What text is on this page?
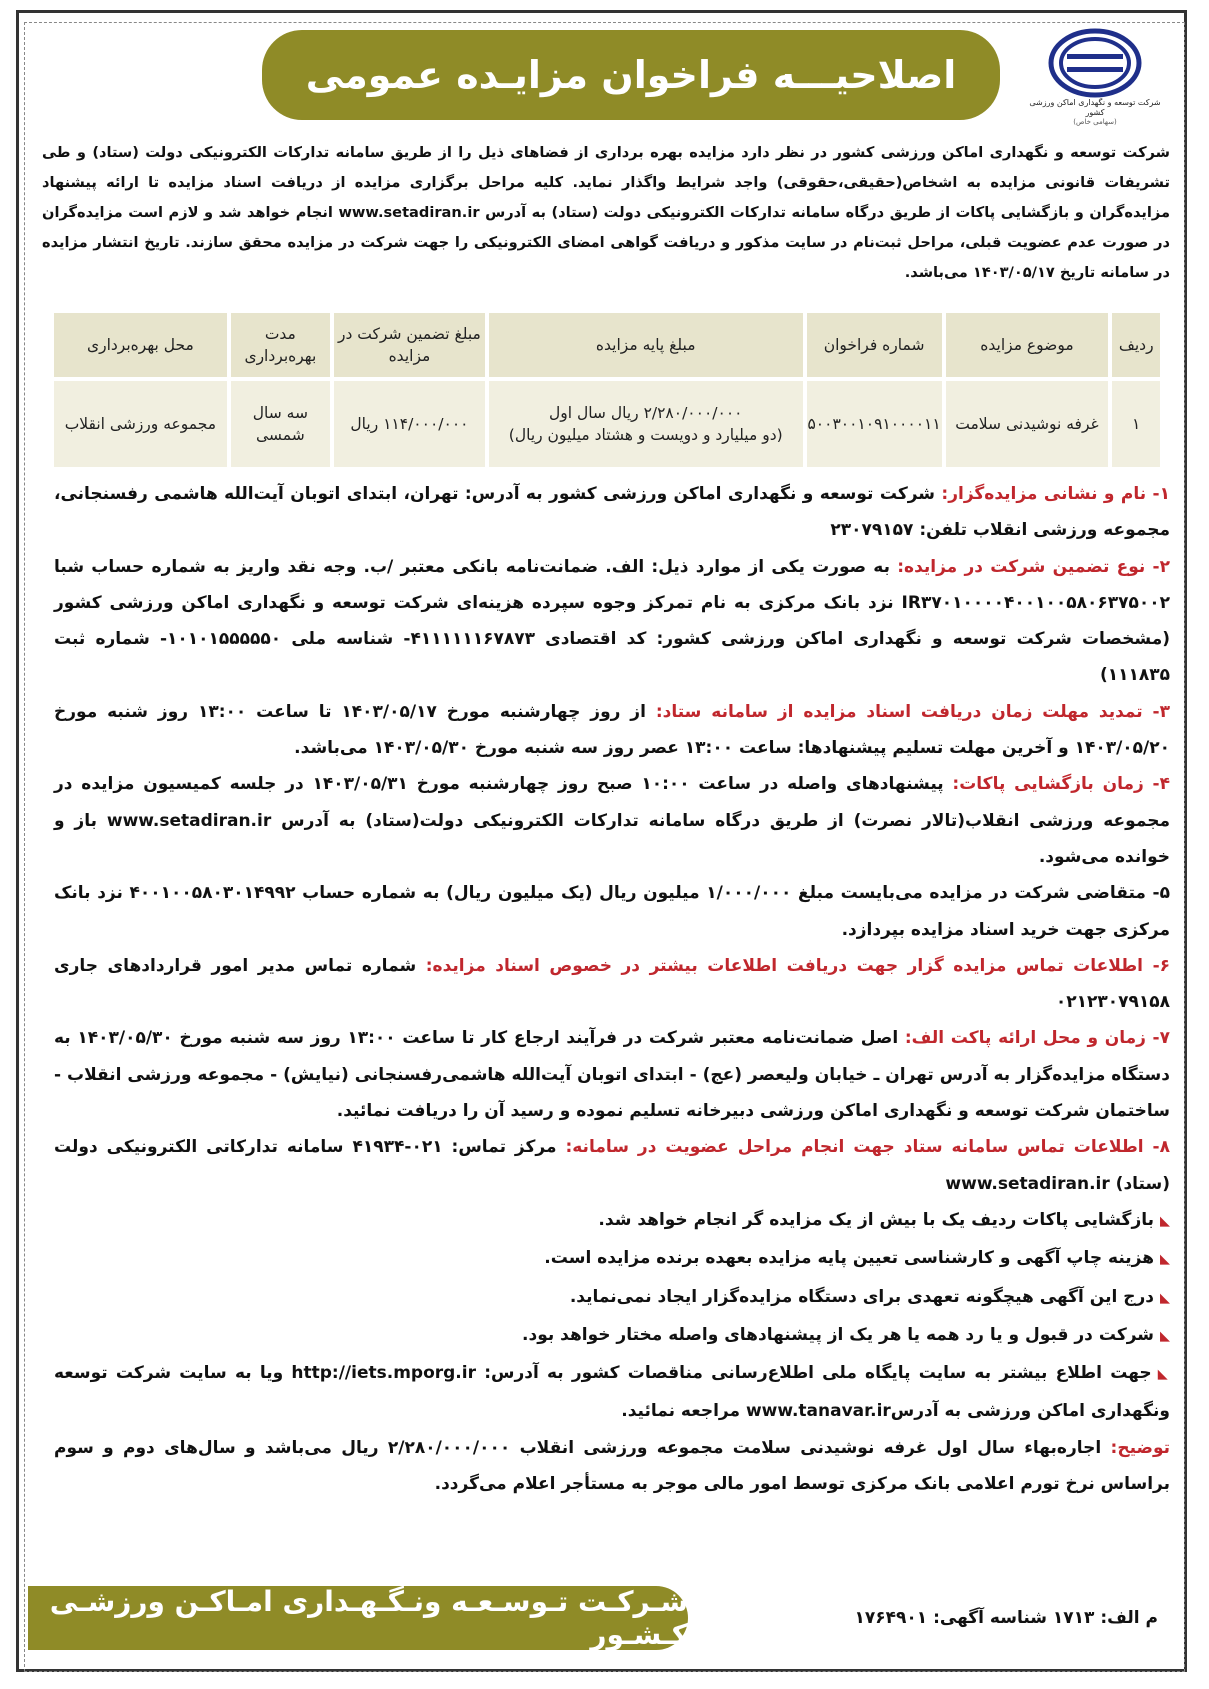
شرکت توسعه و نگهداری اماکن ورزشی کشور
(سهامی خاص)
اصلاحیـــه فراخوان مزایـده عمومی
شرکت توسعه و نگهداری اماکن ورزشی کشور در نظر دارد مزایده بهره برداری از فضاهای ذیل را از طریق سامانه تدارکات الکترونیکی دولت (ستاد) و طی تشریفات قانونی مزایده به اشخاص(حقیقی،حقوقی) واجد شرایط واگذار نماید. کلیه مراحل برگزاری مزایده از دریافت اسناد مزایده تا ارائه پیشنهاد مزایده‌گران و بازگشایی پاکات از طریق درگاه سامانه تدارکات الکترونیکی دولت (ستاد) به آدرس www.setadiran.ir انجام خواهد شد و لازم است مزایده‌گران در صورت عدم عضویت قبلی، مراحل ثبت‌نام در سایت مذکور و دریافت گواهی امضای الکترونیکی را جهت شرکت در مزایده محقق سازند. تاریخ انتشار مزایده در سامانه تاریخ ۱۴۰۳/۰۵/۱۷ می‌باشد.
ردیف
موضوع مزایده
شماره فراخوان
مبلغ پایه مزایده
مبلغ تضمین شرکت در مزایده
مدت بهره‌برداری
محل بهره‌برداری
۱
غرفه نوشیدنی سلامت
۵۰۰۳۰۰۱۰۹۱۰۰۰۰۱۱
۲/۲۸۰/۰۰۰/۰۰۰ ریال سال اول
(دو میلیارد و دویست و هشتاد میلیون ریال)
۱۱۴/۰۰۰/۰۰۰ ریال
سه سال شمسی
مجموعه ورزشی انقلاب

۱- نام و نشانی مزایده‌گزار: شرکت توسعه و نگهداری اماکن ورزشی کشور به آدرس: تهران، ابتدای اتوبان آیت‌الله هاشمی رفسنجانی، مجموعه ورزشی انقلاب تلفن: ۲۳۰۷۹۱۵۷

۲- نوع تضمین شرکت در مزایده: به صورت یکی از موارد ذیل: الف. ضمانت‌نامه بانکی معتبر /ب. وجه نقد واریز به شماره حساب شبا IR۳۷۰۱۰۰۰۰۴۰۰۱۰۰۵۸۰۶۳۷۵۰۰۲ نزد بانک مرکزی به نام تمرکز وجوه سپرده هزینه‌ای شرکت توسعه و نگهداری اماکن ورزشی کشور (مشخصات شرکت توسعه و نگهداری اماکن ورزشی کشور: کد اقتصادی ۴۱۱۱۱۱۱۶۷۸۷۳- شناسه ملی ۱۰۱۰۱۵۵۵۵۵۰- شماره ثبت ۱۱۱۸۳۵)

۳- تمدید مهلت زمان دریافت اسناد مزایده از سامانه ستاد: از روز چهارشنبه مورخ ۱۴۰۳/۰۵/۱۷ تا ساعت ۱۳:۰۰ روز شنبه مورخ ۱۴۰۳/۰۵/۲۰ و آخرین مهلت تسلیم پیشنهادها: ساعت ۱۳:۰۰ عصر روز سه شنبه مورخ ۱۴۰۳/۰۵/۳۰ می‌باشد.

۴- زمان بازگشایی پاکات: پیشنهادهای واصله در ساعت ۱۰:۰۰ صبح روز چهارشنبه مورخ ۱۴۰۳/۰۵/۳۱ در جلسه کمیسیون مزایده در مجموعه ورزشی انقلاب(تالار نصرت) از طریق درگاه سامانه تدارکات الکترونیکی دولت(ستاد) به آدرس www.setadiran.ir باز و خوانده می‌شود.

۵- متقاضی شرکت در مزایده می‌بایست مبلغ ۱/۰۰۰/۰۰۰ میلیون ریال (یک میلیون ریال) به شماره حساب ۴۰۰۱۰۰۵۸۰۳۰۱۴۹۹۲ نزد بانک مرکزی جهت خرید اسناد مزایده بپردازد.

۶- اطلاعات تماس مزایده گزار جهت دریافت اطلاعات بیشتر در خصوص اسناد مزایده: شماره تماس مدیر امور قراردادهای جاری ۰۲۱۲۳۰۷۹۱۵۸

۷- زمان و محل ارائه پاکت الف: اصل ضمانت‌نامه معتبر شرکت در فرآیند ارجاع کار تا ساعت ۱۳:۰۰ روز سه شنبه مورخ ۱۴۰۳/۰۵/۳۰ به دستگاه مزایده‌گزار به آدرس تهران ـ خیابان ولیعصر (عج) - ابتدای اتوبان آیت‌الله هاشمی‌رفسنجانی (نیایش) - مجموعه ورزشی انقلاب - ساختمان شرکت توسعه و نگهداری اماکن ورزشی دبیرخانه تسلیم نموده و رسید آن را دریافت نمائید.

۸- اطلاعات تماس سامانه ستاد جهت انجام مراحل عضویت در سامانه: مرکز تماس: ۰۲۱-۴۱۹۳۴ سامانه تدارکاتی الکترونیکی دولت (ستاد) www.setadiran.ir

◣ بازگشایی پاکات ردیف یک با بیش از یک مزایده گر انجام خواهد شد.

◣ هزینه چاپ آگهی و کارشناسی تعیین پایه مزایده بعهده برنده مزایده است.

◣ درج این آگهی هیچگونه تعهدی برای دستگاه مزایده‌گزار ایجاد نمی‌نماید.

◣ شرکت در قبول و یا رد همه یا هر یک از پیشنهادهای واصله مختار خواهد بود.

◣ جهت اطلاع بیشتر به سایت پایگاه ملی اطلاع‌رسانی مناقصات کشور به آدرس: http://iets.mporg.ir ویا به سایت شرکت توسعه ونگهداری اماکن ورزشی به آدرسwww.tanavar.ir مراجعه نمائید.

توضیح: اجاره‌بهاء سال اول غرفه نوشیدنی سلامت مجموعه ورزشی انقلاب ۲/۲۸۰/۰۰۰/۰۰۰ ریال می‌باشد و سال‌های دوم و سوم براساس نرخ تورم اعلامی بانک مرکزی توسط امور مالی موجر به مستأجر اعلام می‌گردد.

شـرکـت تـوسـعـه ونـگـهـداری امـاکـن ورزشـی کـشـور	م الف: ۱۷۱۳ شناسه آگهی: ۱۷۶۴۹۰۱
